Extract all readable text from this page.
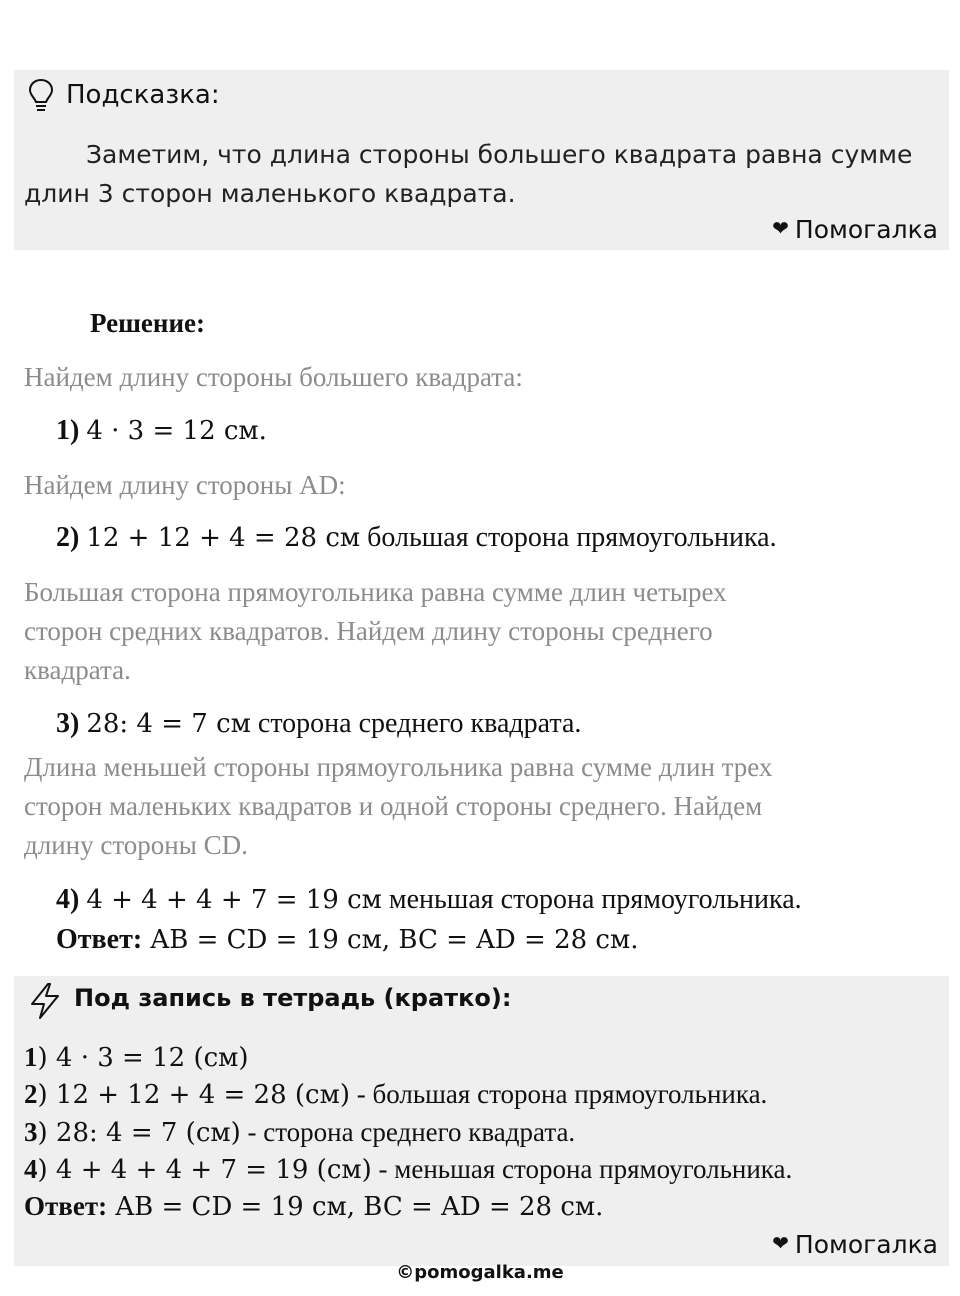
Подсказка:
Заметим, что длина стороны большего квадрата равна сумме
длин 3 сторон маленького квадрата.
❤ Помогалка
Решение:
Найдем длину стороны большего квадрата:
1) 4 · 3 = 12 см.
Найдем длину стороны AD:
2) 12 + 12 + 4 = 28 см большая сторона прямоугольника.
Большая сторона прямоугольника равна сумме длин четырех
сторон средних квадратов. Найдем длину стороны среднего
квадрата.
3) 28: 4 = 7 см сторона среднего квадрата.
Длина меньшей стороны прямоугольника равна сумме длин трех
сторон маленьких квадратов и одной стороны среднего. Найдем
длину стороны CD.
4) 4 + 4 + 4 + 7 = 19 см меньшая сторона прямоугольника.
Ответ: AB = CD = 19 см, BC = AD = 28 см.
Под запись в тетрадь (кратко):
1) 4 · 3 = 12 (см)
2) 12 + 12 + 4 = 28 (см) - большая сторона прямоугольника.
3) 28: 4 = 7 (см) - сторона среднего квадрата.
4) 4 + 4 + 4 + 7 = 19 (см) - меньшая сторона прямоугольника.
Ответ: AB = CD = 19 см, BC = AD = 28 см.
❤ Помогалка
©pomogalka.me
